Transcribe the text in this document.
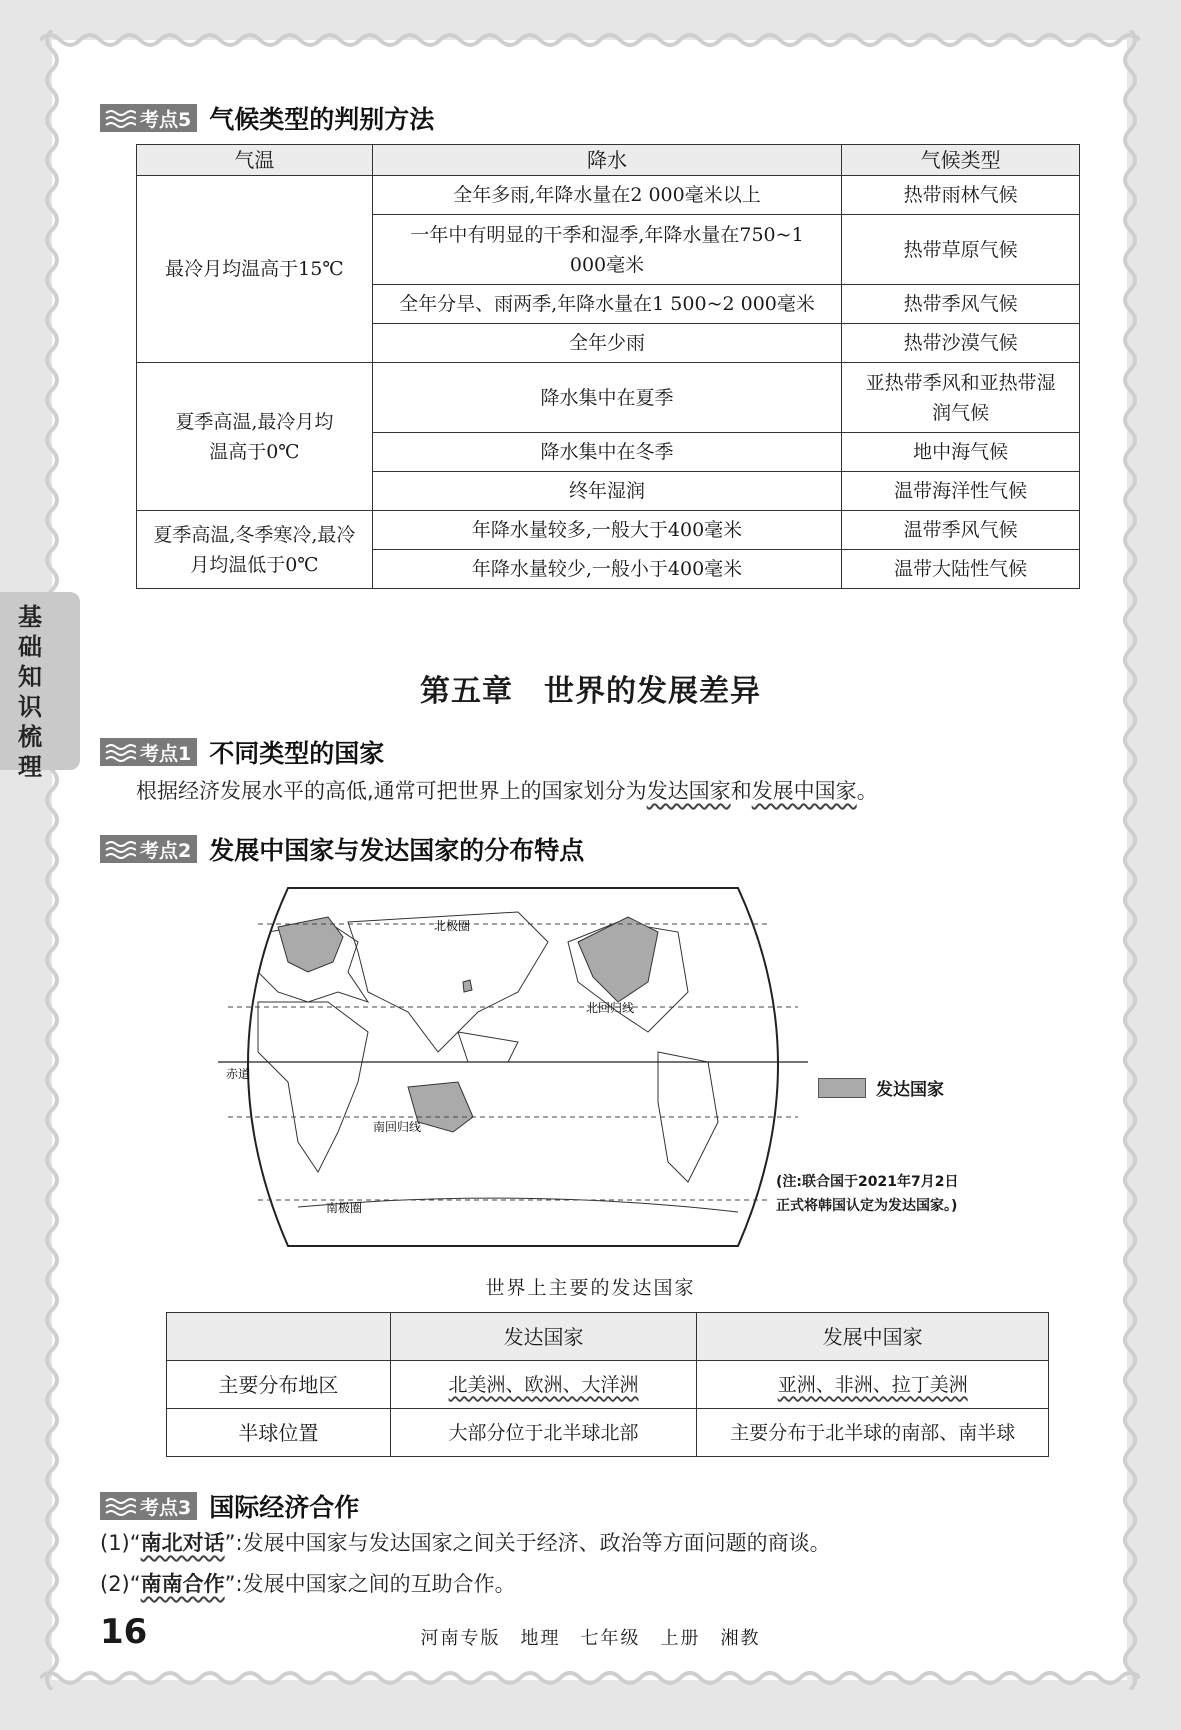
基础知识梳理
考点5 气候类型的判别方法
气温	降水	气候类型
最冷月均温高于15℃	全年多雨,年降水量在2 000毫米以上	热带雨林气候
	一年中有明显的干季和湿季,年降水量在750~1 000毫米	热带草原气候
	全年分旱、雨两季,年降水量在1 500~2 000毫米	热带季风气候
	全年少雨	热带沙漠气候
夏季高温,最冷月均温高于0℃	降水集中在夏季	亚热带季风和亚热带湿润气候
	降水集中在冬季	地中海气候
	终年湿润	温带海洋性气候
夏季高温,冬季寒冷,最冷月均温低于0℃	年降水量较多,一般大于400毫米	温带季风气候
	年降水量较少,一般小于400毫米	温带大陆性气候
第五章　世界的发展差异
考点1 不同类型的国家
根据经济发展水平的高低,通常可把世界上的国家划分为发达国家和发展中国家。
考点2 发展中国家与发达国家的分布特点
北极圈
北回归线
赤道
南回归线
南极圈
发达国家
(注:联合国于2021年7月2日正式将韩国认定为发达国家。)
世界上主要的发达国家
	发达国家	发展中国家
主要分布地区	北美洲、欧洲、大洋洲	亚洲、非洲、拉丁美洲
半球位置	大部分位于北半球北部	主要分布于北半球的南部、南半球
考点3 国际经济合作
(1)“南北对话”:发展中国家与发达国家之间关于经济、政治等方面问题的商谈。
(2)“南南合作”:发展中国家之间的互助合作。
16	河南专版　地理　七年级　上册　湘教
